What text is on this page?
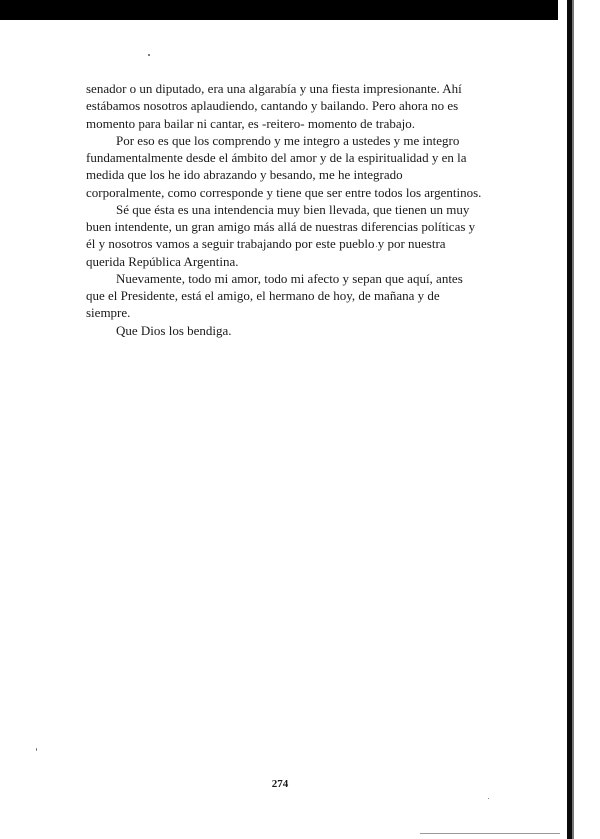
senador o un diputado, era una algarabía y una fiesta impresionante. Ahí
estábamos nosotros aplaudiendo, cantando y bailando. Pero ahora no es
momento para bailar ni cantar, es -reitero- momento de trabajo.
Por eso es que los comprendo y me integro a ustedes y me integro
fundamentalmente desde el ámbito del amor y de la espiritualidad y en la
medida que los he ido abrazando y besando, me he integrado
corporalmente, como corresponde y tiene que ser entre todos los argentinos.
Sé que ésta es una intendencia muy bien llevada, que tienen un muy
buen intendente, un gran amigo más allá de nuestras diferencias políticas y
él y nosotros vamos a seguir trabajando por este pueblo y por nuestra
querida República Argentina.
Nuevamente, todo mi amor, todo mi afecto y sepan que aquí, antes
que el Presidente, está el amigo, el hermano de hoy, de mañana y de
siempre.
Que Dios los bendiga.
274
